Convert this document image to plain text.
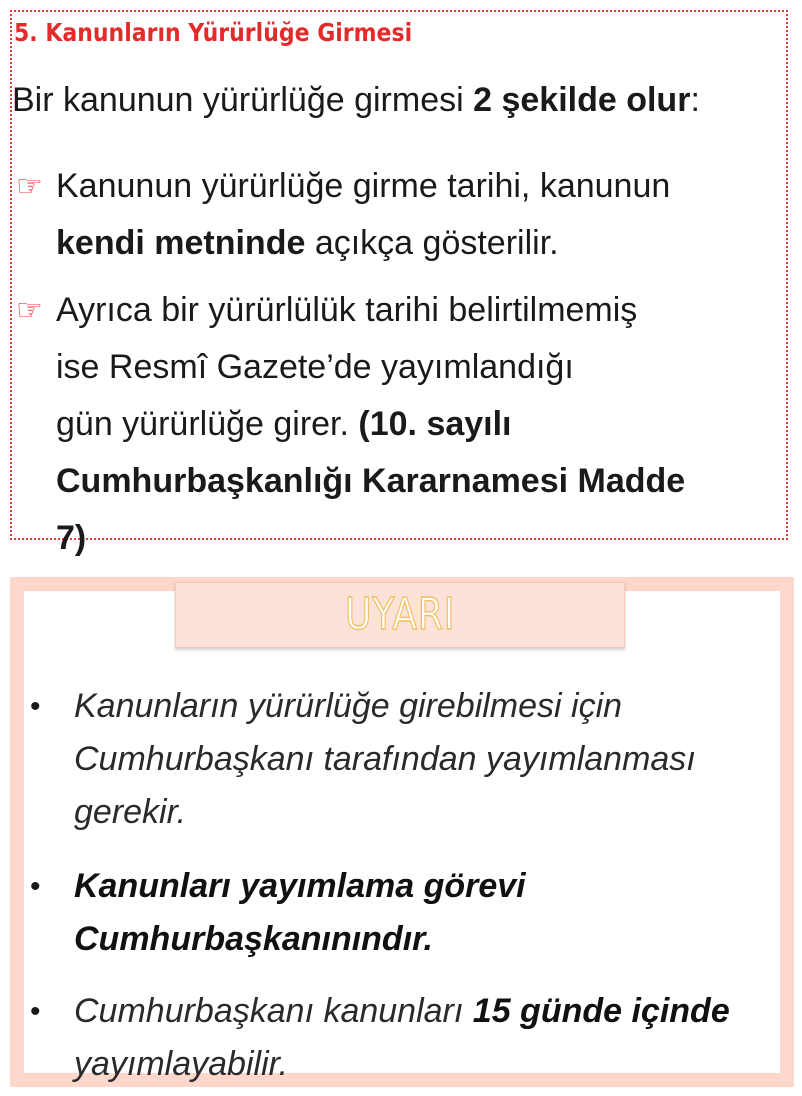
5. Kanunların Yürürlüğe Girmesi
Bir kanunun yürürlüğe girmesi 2 şekilde olur:
☞ Kanunun yürürlüğe girme tarihi, kanunun
kendi metninde açıkça gösterilir.
☞ Ayrıca bir yürürlülük tarihi belirtilmemiş
ise Resmî Gazete’de yayımlandığı
gün yürürlüğe girer. (10. sayılı
Cumhurbaşkanlığı Kararnamesi Madde
7)
UYARI
• Kanunların yürürlüğe girebilmesi için
Cumhurbaşkanı tarafından yayımlanması
gerekir.
• Kanunları yayımlama görevi
Cumhurbaşkanınındır.
• Cumhurbaşkanı kanunları 15 günde içinde
yayımlayabilir.
